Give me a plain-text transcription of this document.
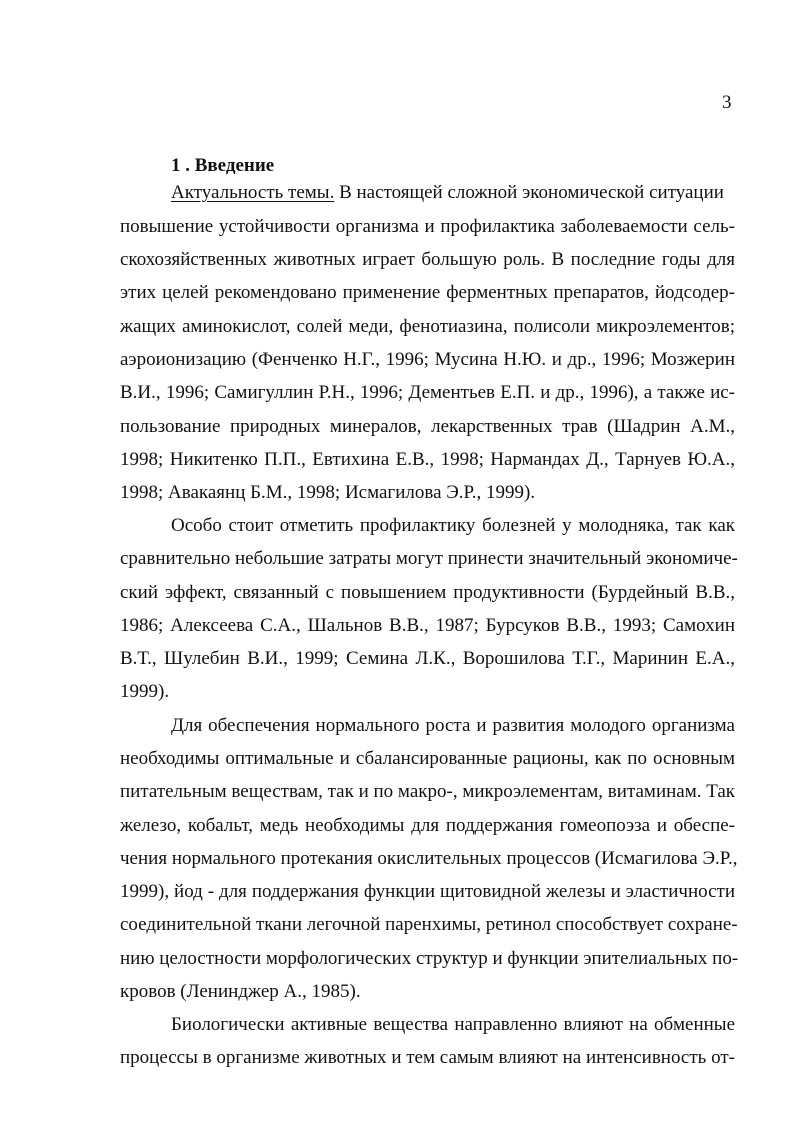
3
1 . Введение
Актуальность темы. В настоящей сложной экономической ситуации
повышение устойчивости организма и профилактика заболеваемости сель-
скохозяйственных животных играет большую роль. В последние годы для
этих целей рекомендовано применение ферментных препаратов, йодсодер-
жащих аминокислот, солей меди, фенотиазина, полисоли микроэлементов;
аэроионизацию (Фенченко Н.Г., 1996; Мусина Н.Ю. и др., 1996; Мозжерин
В.И., 1996; Самигуллин Р.Н., 1996; Дементьев Е.П. и др., 1996), а также ис-
пользование природных минералов, лекарственных трав (Шадрин А.М.,
1998; Никитенко П.П., Евтихина Е.В., 1998; Нармандах Д., Тарнуев Ю.А.,
1998; Авакаянц Б.М., 1998; Исмагилова Э.Р., 1999).
Особо стоит отметить профилактику болезней у молодняка, так как
сравнительно небольшие затраты могут принести значительный экономиче-
ский эффект, связанный с повышением продуктивности (Бурдейный В.В.,
1986; Алексеева С.А., Шальнов В.В., 1987; Бурсуков В.В., 1993; Самохин
В.Т., Шулебин В.И., 1999; Семина Л.К., Ворошилова Т.Г., Маринин Е.А.,
1999).
Для обеспечения нормального роста и развития молодого организма
необходимы оптимальные и сбалансированные рационы, как по основным
питательным веществам, так и по макро-, микроэлементам, витаминам. Так
железо, кобальт, медь необходимы для поддержания гомеопоэза и обеспе-
чения нормального протекания окислительных процессов (Исмагилова Э.Р.,
1999), йод - для поддержания функции щитовидной железы и эластичности
соединительной ткани легочной паренхимы, ретинол способствует сохране-
нию целостности морфологических структур и функции эпителиальных по-
кровов (Ленинджер А., 1985).
Биологически активные вещества направленно влияют на обменные
процессы в организме животных и тем самым влияют на интенсивность от-
